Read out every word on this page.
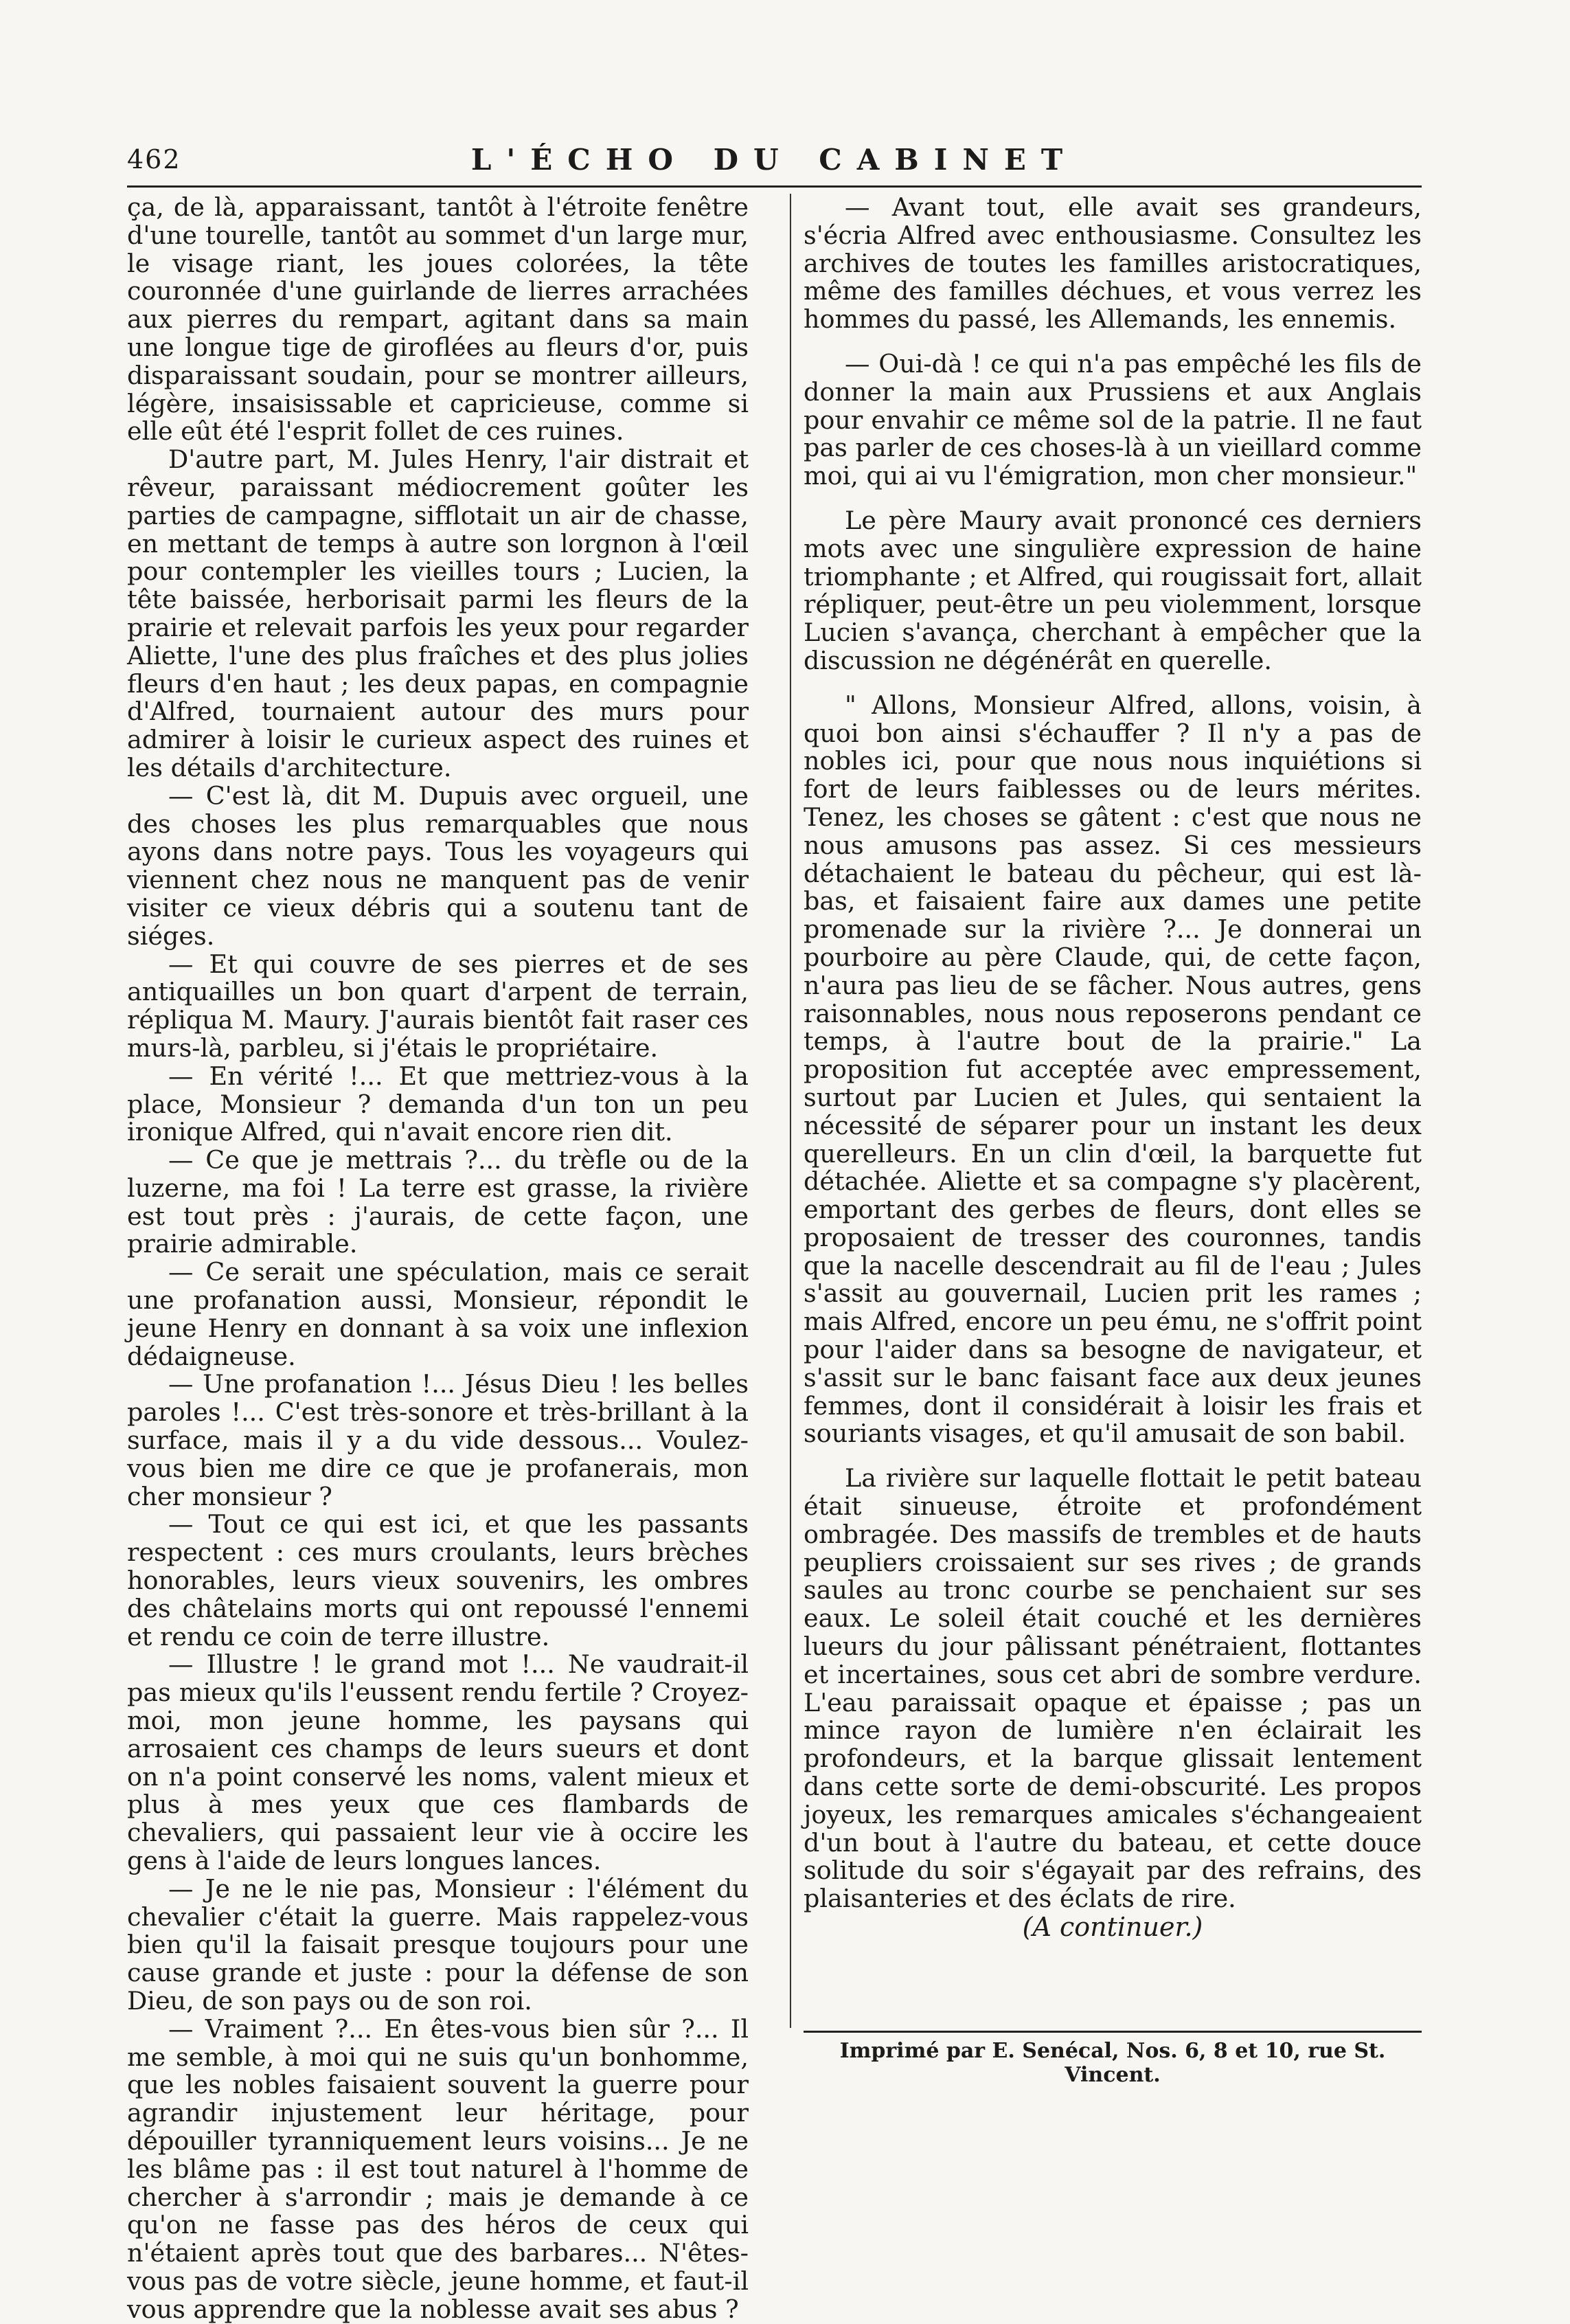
462	L'ÉCHO DU CABINET

ça, de là, apparaissant, tantôt à l'étroite fenêtre d'une tourelle, tantôt au sommet d'un large mur, le visage riant, les joues colorées, la tête couronnée d'une guirlande de lierres arrachées aux pierres du rempart, agitant dans sa main une longue tige de giroflées au fleurs d'or, puis disparaissant soudain, pour se montrer ailleurs, légère, insaisissable et capricieuse, comme si elle eût été l'esprit follet de ces ruines.

D'autre part, M. Jules Henry, l'air distrait et rêveur, paraissant médiocrement goûter les parties de campagne, sifflotait un air de chasse, en mettant de temps à autre son lorgnon à l'œil pour contempler les vieilles tours ; Lucien, la tête baissée, herborisait parmi les fleurs de la prairie et relevait parfois les yeux pour regarder Aliette, l'une des plus fraîches et des plus jolies fleurs d'en haut ; les deux papas, en compagnie d'Alfred, tournaient autour des murs pour admirer à loisir le curieux aspect des ruines et les détails d'architecture.

— C'est là, dit M. Dupuis avec orgueil, une des choses les plus remarquables que nous ayons dans notre pays. Tous les voyageurs qui viennent chez nous ne manquent pas de venir visiter ce vieux débris qui a soutenu tant de siéges.

— Et qui couvre de ses pierres et de ses antiquailles un bon quart d'arpent de terrain, répliqua M. Maury. J'aurais bientôt fait raser ces murs-là, parbleu, si j'étais le propriétaire.

— En vérité !... Et que mettriez-vous à la place, Monsieur ? demanda d'un ton un peu ironique Alfred, qui n'avait encore rien dit.

— Ce que je mettrais ?... du trèfle ou de la luzerne, ma foi ! La terre est grasse, la rivière est tout près : j'aurais, de cette façon, une prairie admirable.

— Ce serait une spéculation, mais ce serait une profanation aussi, Monsieur, répondit le jeune Henry en donnant à sa voix une inflexion dédaigneuse.

— Une profanation !... Jésus Dieu ! les belles paroles !... C'est très-sonore et très-brillant à la surface, mais il y a du vide dessous... Voulez-vous bien me dire ce que je profanerais, mon cher monsieur ?

— Tout ce qui est ici, et que les passants respectent : ces murs croulants, leurs brèches honorables, leurs vieux souvenirs, les ombres des châtelains morts qui ont repoussé l'ennemi et rendu ce coin de terre illustre.

— Illustre ! le grand mot !... Ne vaudrait-il pas mieux qu'ils l'eussent rendu fertile ? Croyez-moi, mon jeune homme, les paysans qui arrosaient ces champs de leurs sueurs et dont on n'a point conservé les noms, valent mieux et plus à mes yeux que ces flambards de chevaliers, qui passaient leur vie à occire les gens à l'aide de leurs longues lances.

— Je ne le nie pas, Monsieur : l'élément du chevalier c'était la guerre. Mais rappelez-vous bien qu'il la faisait presque toujours pour une cause grande et juste : pour la défense de son Dieu, de son pays ou de son roi.

— Vraiment ?... En êtes-vous bien sûr ?... Il me semble, à moi qui ne suis qu'un bonhomme, que les nobles faisaient souvent la guerre pour agrandir injustement leur héritage, pour dépouiller tyranniquement leurs voisins... Je ne les blâme pas : il est tout naturel à l'homme de chercher à s'arrondir ; mais je demande à ce qu'on ne fasse pas des héros de ceux qui n'étaient après tout que des barbares... N'êtes-vous pas de votre siècle, jeune homme, et faut-il vous apprendre que la noblesse avait ses abus ?

— Avant tout, elle avait ses grandeurs, s'écria Alfred avec enthousiasme. Consultez les archives de toutes les familles aristocratiques, même des familles déchues, et vous verrez les hommes du passé, les Allemands, les ennemis.

— Oui-dà ! ce qui n'a pas empêché les fils de donner la main aux Prussiens et aux Anglais pour envahir ce même sol de la patrie. Il ne faut pas parler de ces choses-là à un vieillard comme moi, qui ai vu l'émigration, mon cher monsieur."

Le père Maury avait prononcé ces derniers mots avec une singulière expression de haine triomphante ; et Alfred, qui rougissait fort, allait répliquer, peut-être un peu violemment, lorsque Lucien s'avança, cherchant à empêcher que la discussion ne dégénérât en querelle.

" Allons, Monsieur Alfred, allons, voisin, à quoi bon ainsi s'échauffer ? Il n'y a pas de nobles ici, pour que nous nous inquiétions si fort de leurs faiblesses ou de leurs mérites. Tenez, les choses se gâtent : c'est que nous ne nous amusons pas assez. Si ces messieurs détachaient le bateau du pêcheur, qui est là-bas, et faisaient faire aux dames une petite promenade sur la rivière ?... Je donnerai un pourboire au père Claude, qui, de cette façon, n'aura pas lieu de se fâcher. Nous autres, gens raisonnables, nous nous reposerons pendant ce temps, à l'autre bout de la prairie." La proposition fut acceptée avec empressement, surtout par Lucien et Jules, qui sentaient la nécessité de séparer pour un instant les deux querelleurs. En un clin d'œil, la barquette fut détachée. Aliette et sa compagne s'y placèrent, emportant des gerbes de fleurs, dont elles se proposaient de tresser des couronnes, tandis que la nacelle descendrait au fil de l'eau ; Jules s'assit au gouvernail, Lucien prit les rames ; mais Alfred, encore un peu ému, ne s'offrit point pour l'aider dans sa besogne de navigateur, et s'assit sur le banc faisant face aux deux jeunes femmes, dont il considérait à loisir les frais et souriants visages, et qu'il amusait de son babil.

La rivière sur laquelle flottait le petit bateau était sinueuse, étroite et profondément ombragée. Des massifs de trembles et de hauts peupliers croissaient sur ses rives ; de grands saules au tronc courbe se penchaient sur ses eaux. Le soleil était couché et les dernières lueurs du jour pâlissant pénétraient, flottantes et incertaines, sous cet abri de sombre verdure. L'eau paraissait opaque et épaisse ; pas un mince rayon de lumière n'en éclairait les profondeurs, et la barque glissait lentement dans cette sorte de demi-obscurité. Les propos joyeux, les remarques amicales s'échangeaient d'un bout à l'autre du bateau, et cette douce solitude du soir s'égayait par des refrains, des plaisanteries et des éclats de rire.

(A continuer.)

Imprimé par E. Senécal, Nos. 6, 8 et 10, rue St. Vincent.
